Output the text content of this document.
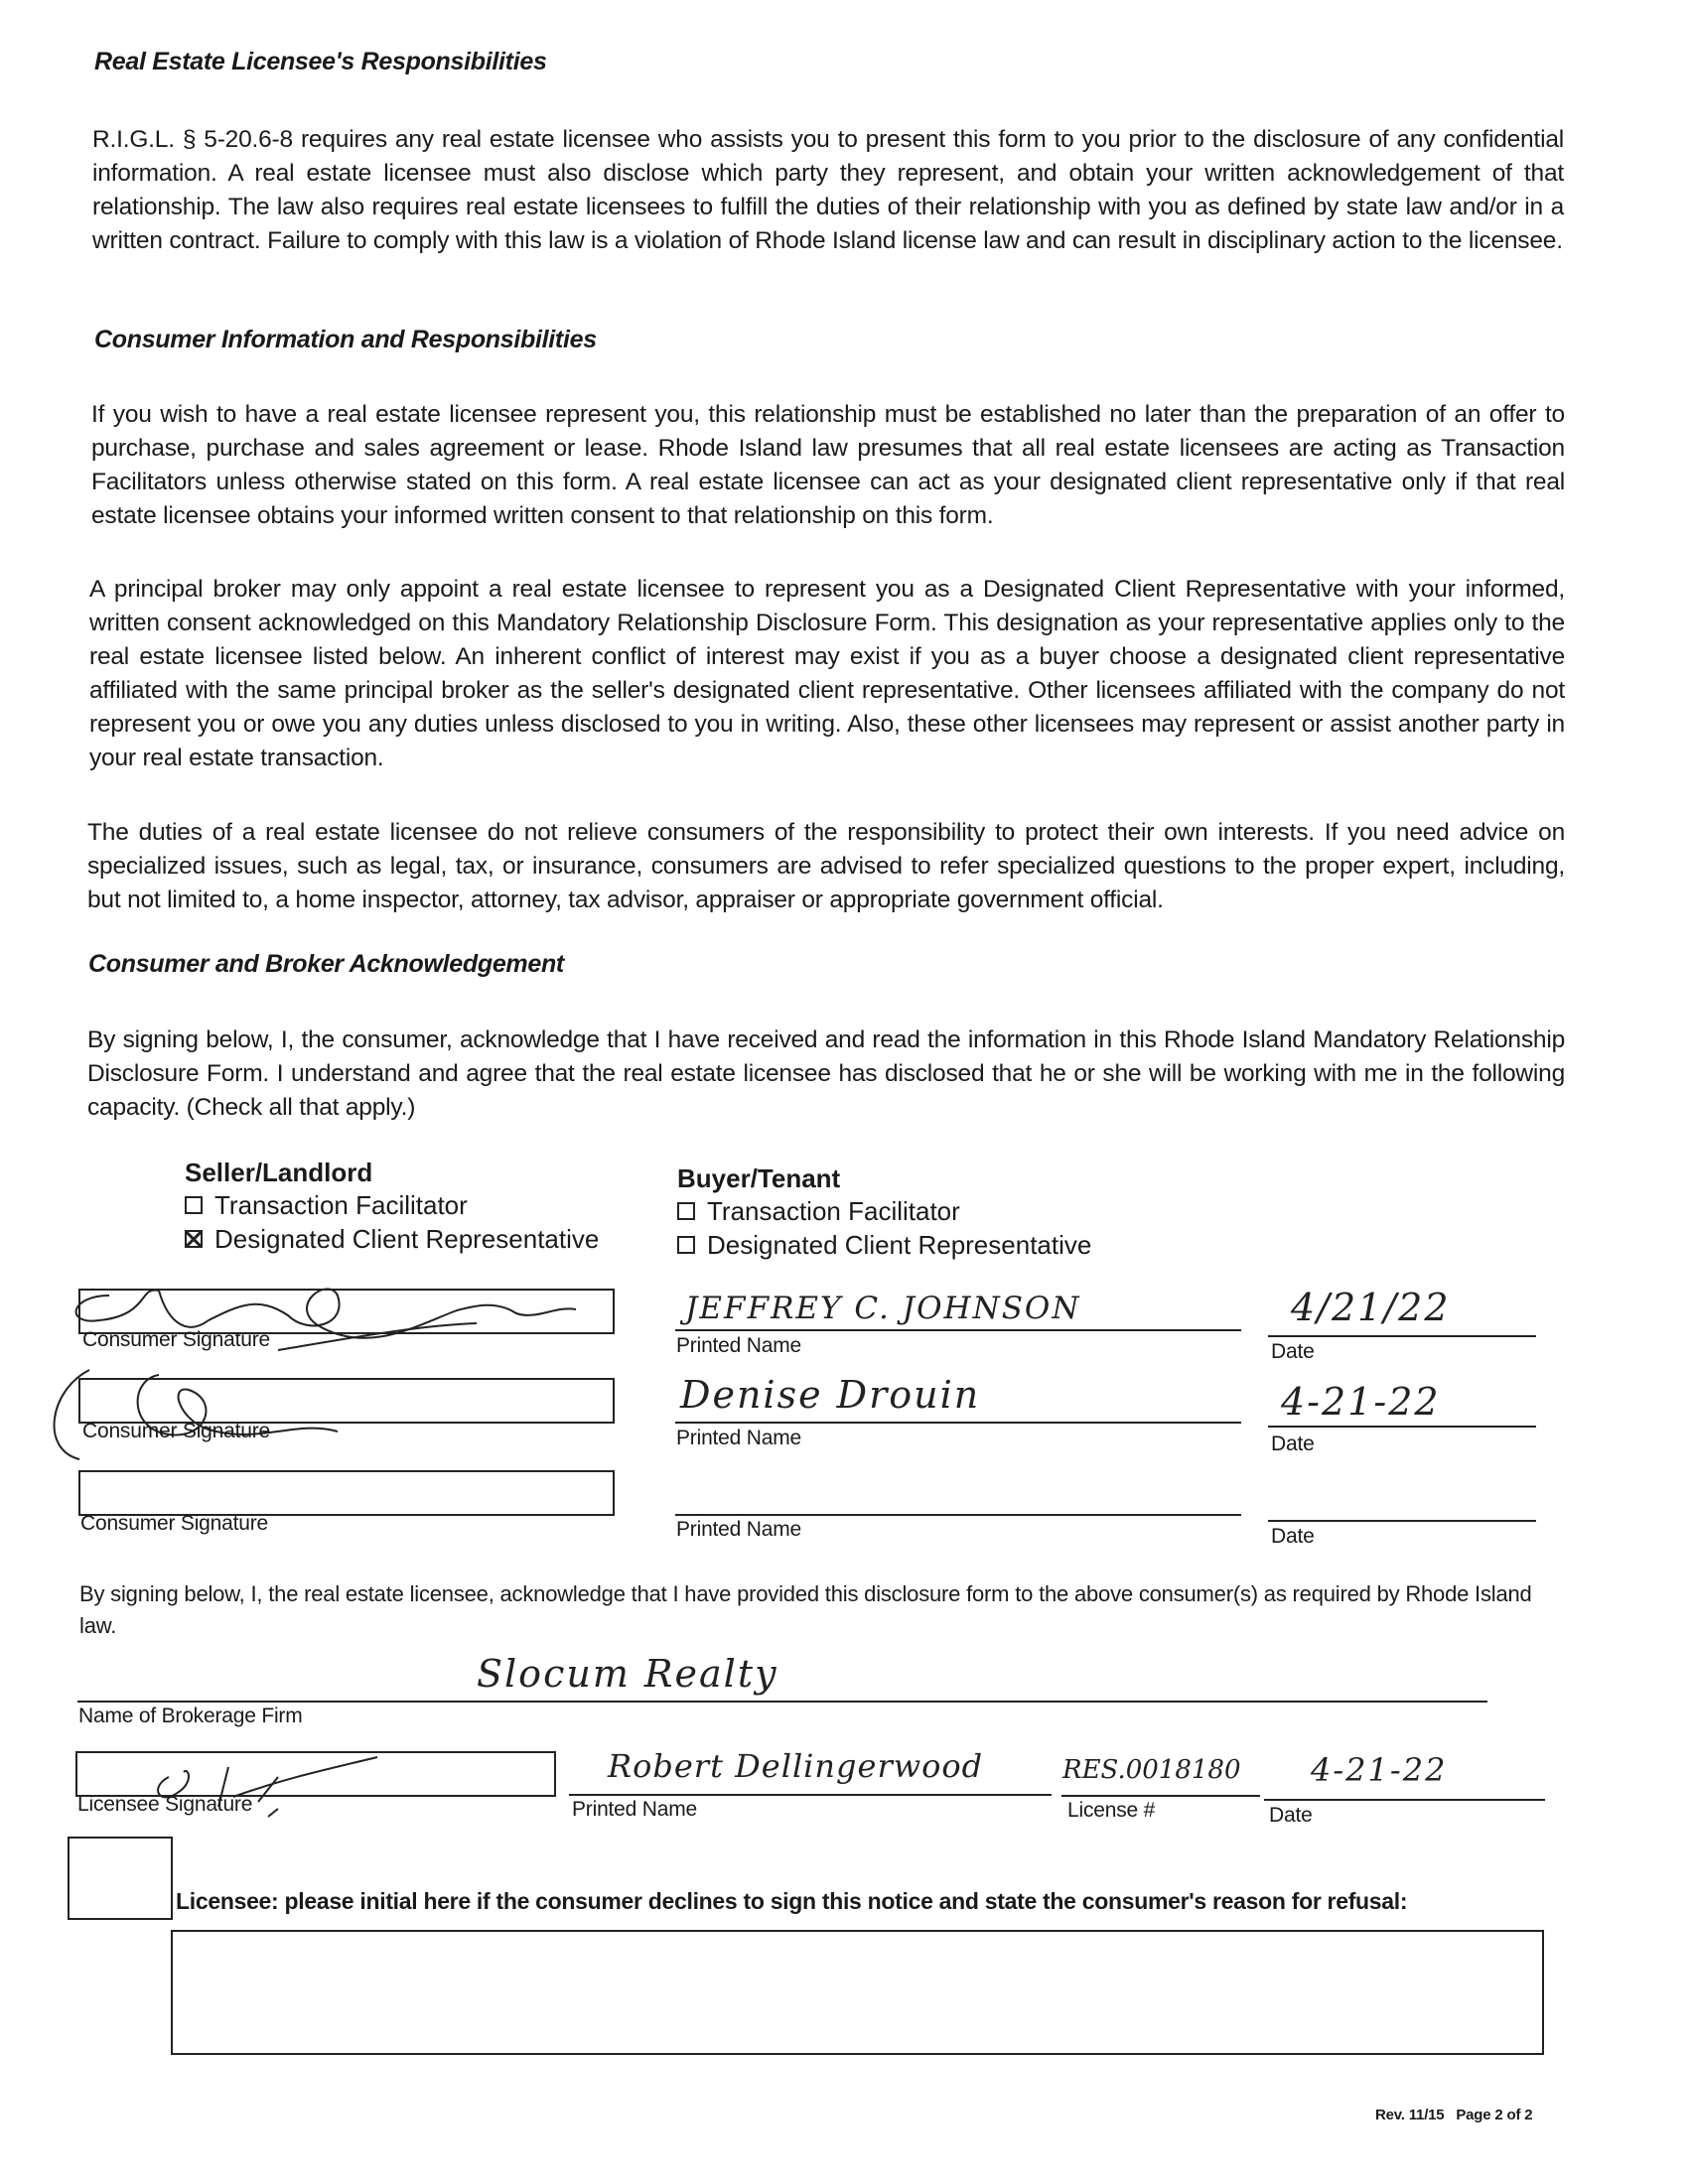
Real Estate Licensee's Responsibilities
R.I.G.L. § 5-20.6-8 requires any real estate licensee who assists you to present this form to you prior to the disclosure of any confidential information. A real estate licensee must also disclose which party they represent, and obtain your written acknowledgement of that relationship. The law also requires real estate licensees to fulfill the duties of their relationship with you as defined by state law and/or in a written contract. Failure to comply with this law is a violation of Rhode Island license law and can result in disciplinary action to the licensee.
Consumer Information and Responsibilities
If you wish to have a real estate licensee represent you, this relationship must be established no later than the preparation of an offer to purchase, purchase and sales agreement or lease. Rhode Island law presumes that all real estate licensees are acting as Transaction Facilitators unless otherwise stated on this form. A real estate licensee can act as your designated client representative only if that real estate licensee obtains your informed written consent to that relationship on this form.
A principal broker may only appoint a real estate licensee to represent you as a Designated Client Representative with your informed, written consent acknowledged on this Mandatory Relationship Disclosure Form. This designation as your representative applies only to the real estate licensee listed below. An inherent conflict of interest may exist if you as a buyer choose a designated client representative affiliated with the same principal broker as the seller's designated client representative. Other licensees affiliated with the company do not represent you or owe you any duties unless disclosed to you in writing. Also, these other licensees may represent or assist another party in your real estate transaction.
The duties of a real estate licensee do not relieve consumers of the responsibility to protect their own interests. If you need advice on specialized issues, such as legal, tax, or insurance, consumers are advised to refer specialized questions to the proper expert, including, but not limited to, a home inspector, attorney, tax advisor, appraiser or appropriate government official.
Consumer and Broker Acknowledgement
By signing below, I, the consumer, acknowledge that I have received and read the information in this Rhode Island Mandatory Relationship Disclosure Form. I understand and agree that the real estate licensee has disclosed that he or she will be working with me in the following capacity. (Check all that apply.)
Seller/Landlord
Transaction Facilitator
Designated Client Representative
Buyer/Tenant
Transaction Facilitator
Designated Client Representative
Consumer Signature
JEFFREY C. JOHNSON
Printed Name
4/21/22
Date
Consumer Signature
Denise Drouin
Printed Name
4-21-22
Date
Consumer Signature	Printed Name	Date
By signing below, I, the real estate licensee, acknowledge that I have provided this disclosure form to the above consumer(s) as required by Rhode Island law.
Slocum Realty
Name of Brokerage Firm
Licensee Signature
Robert Dellingerwood
Printed Name
RES.0018180
License #
4-21-22
Date
Licensee: please initial here if the consumer declines to sign this notice and state the consumer's reason for refusal:
Rev. 11/15 Page 2 of 2
